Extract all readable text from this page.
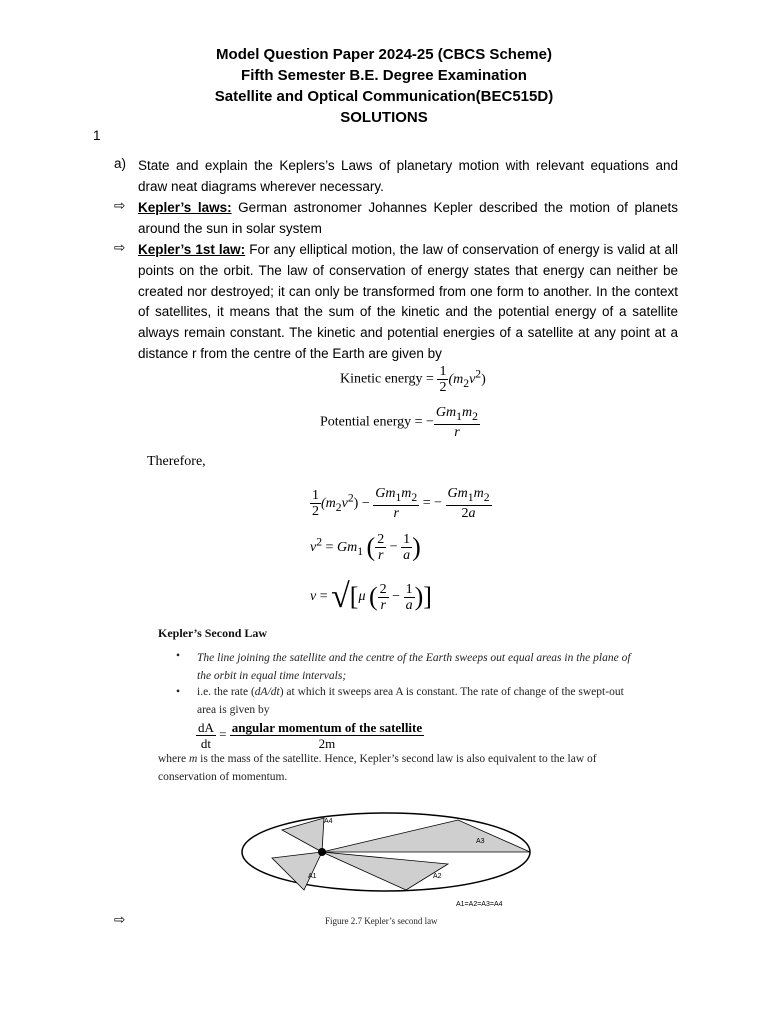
Model Question Paper 2024-25 (CBCS Scheme)
Fifth Semester B.E. Degree Examination
Satellite and Optical Communication(BEC515D)
SOLUTIONS
1
a) State and explain the Keplers’s Laws of planetary motion with relevant equations and draw neat diagrams wherever necessary.
⇨ Kepler’s laws: German astronomer Johannes Kepler described the motion of planets around the sun in solar system
⇨ Kepler’s 1st law: For any elliptical motion, the law of conservation of energy is valid at all points on the orbit. The law of conservation of energy states that energy can neither be created nor destroyed; it can only be transformed from one form to another. In the context of satellites, it means that the sum of the kinetic and the potential energy of a satellite always remain constant. The kinetic and potential energies of a satellite at any point at a distance r from the centre of the Earth are given by
Kinetic energy = $\frac{1}{2} (m_2v^2)$
Potential energy = − $\frac{Gm_1m_2}{r}$
Therefore,
$\frac{1}{2} (m_2v^2) - \frac{Gm_1m_2}{r}$ = − $\frac{Gm_1m_2}{2a}$
$v^2 = Gm_1$ ( $\frac{2}{r} - \frac{1}{a}$ )
v = √[μ ( $\frac{2}{r} - \frac{1}{a}$ )]
Kepler’s Second Law
• The line joining the satellite and the centre of the Earth sweeps out equal areas in the plane of the orbit in equal time intervals;
• i.e. the rate (dA/dt) at which it sweeps area A is constant. The rate of change of the swept-out area is given by
$\frac{dA}{dt} = \frac{\text{angular momentum of the satellite}}{2m}$
where m is the mass of the satellite. Hence, Kepler’s second law is also equivalent to the law of conservation of momentum.
A4
A3
A1	A2
A1=A2=A3=A4
Figure 2.7 Kepler’s second law
⇨
